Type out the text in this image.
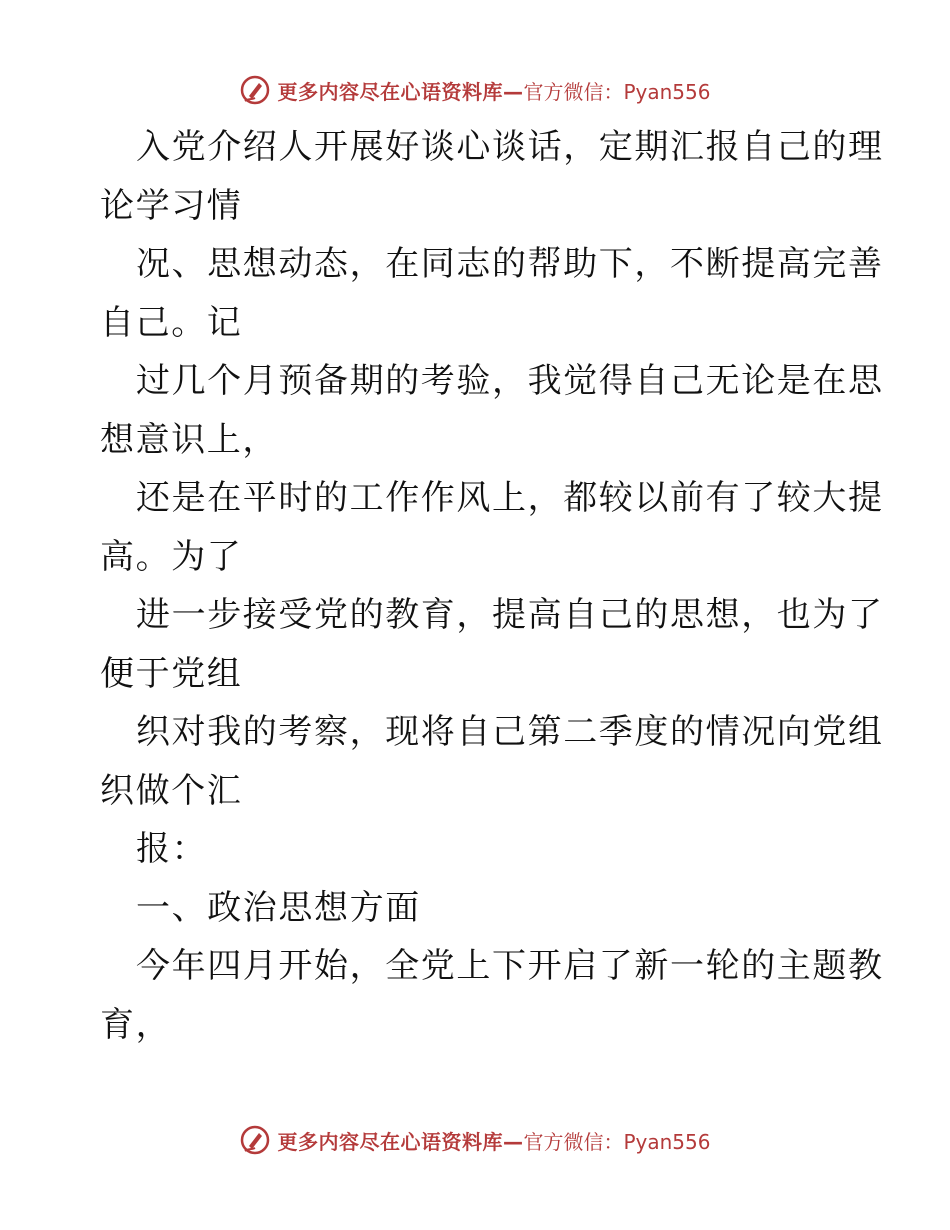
更多内容尽在心语资料库— 官方微信：Pyan556
入党介绍人开展好谈心谈话，定期汇报自己的理
论学习情
况、思想动态，在同志的帮助下，不断提高完善
自己。记
过几个月预备期的考验，我觉得自己无论是在思
想意识上，
还是在平时的工作作风上，都较以前有了较大提
高。为了
进一步接受党的教育，提高自己的思想，也为了
便于党组
织对我的考察，现将自己第二季度的情况向党组
织做个汇
报：
一、政治思想方面
今年四月开始，全党上下开启了新一轮的主题教
育，
更多内容尽在心语资料库— 官方微信：Pyan556
